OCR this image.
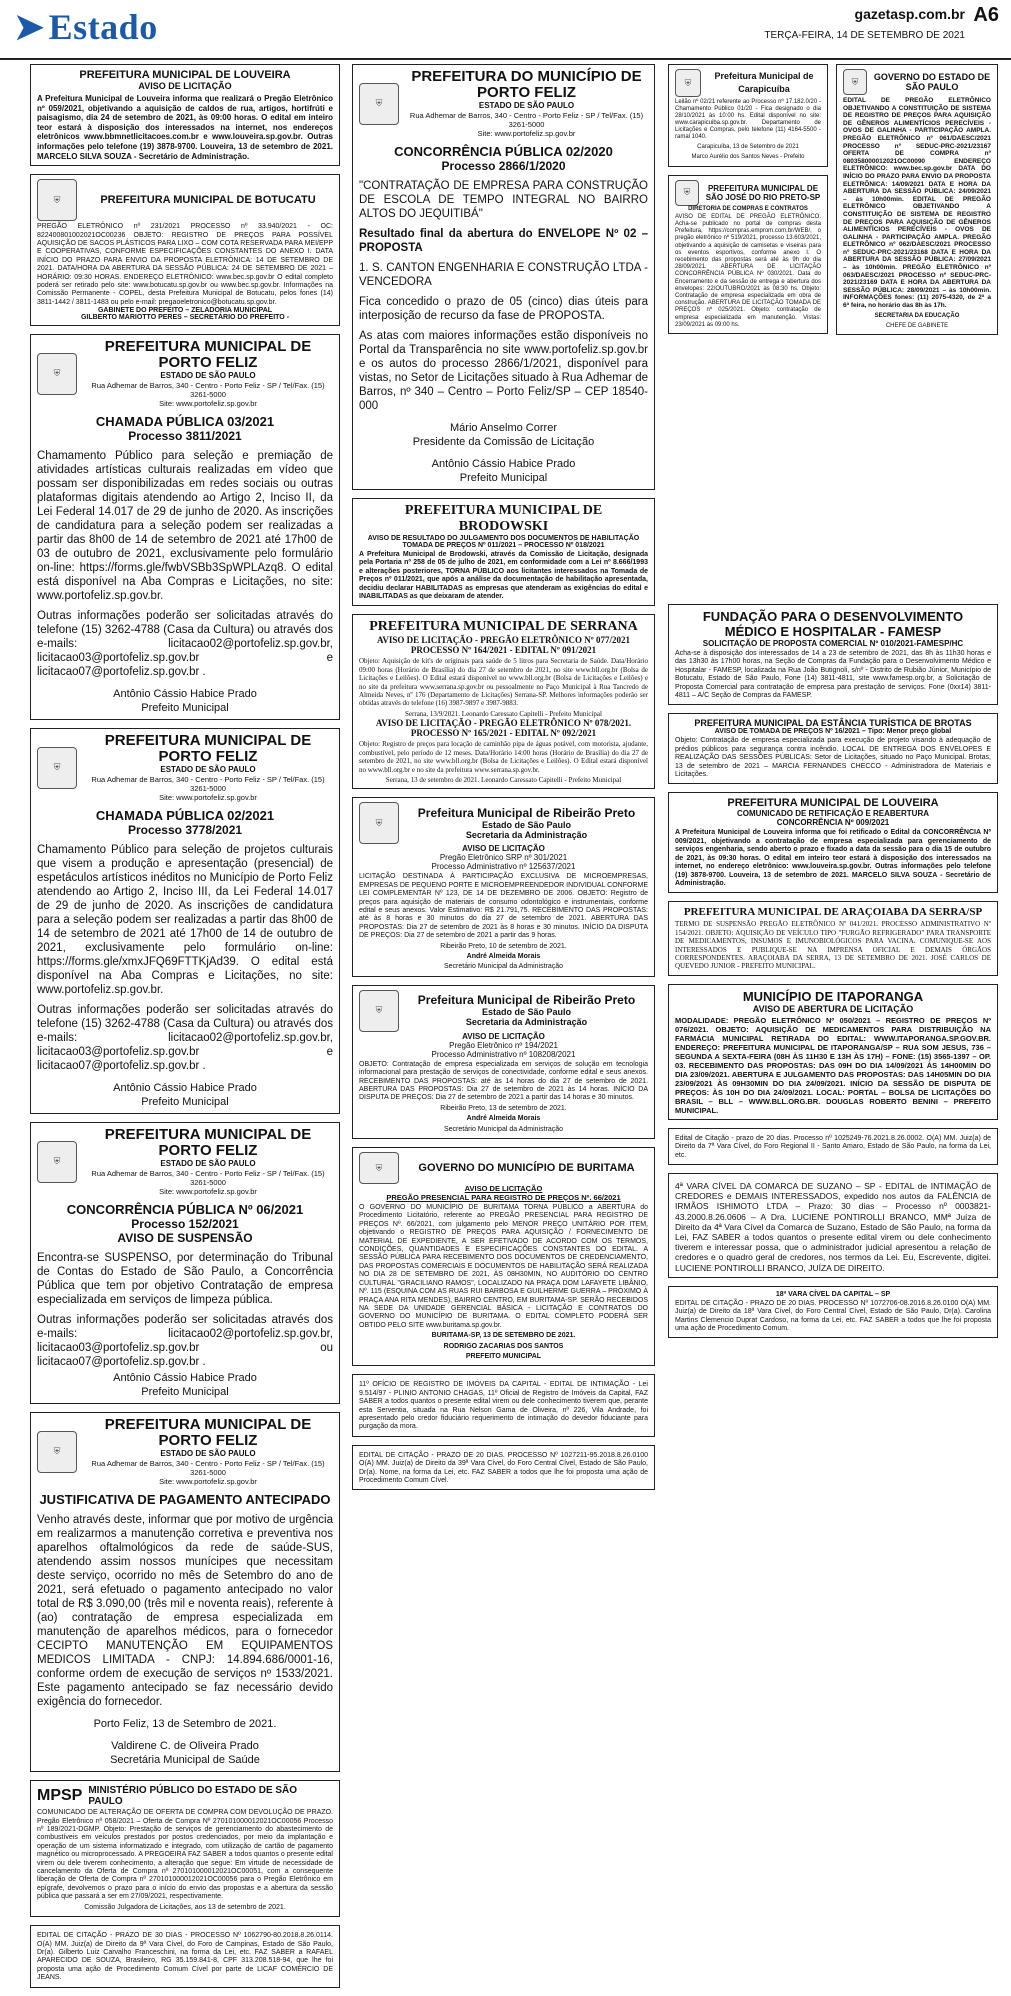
➤ Estado	gazetasp.com.br A6
TERÇA-FEIRA, 14 DE SETEMBRO DE 2021
PREFEITURA MUNICIPAL DE LOUVEIRA
AVISO DE LICITAÇÃO
A Prefeitura Municipal de Louveira informa que realizará o Pregão Eletrônico nº 059/2021, objetivando a aquisição de caldos de rua, artigos, hortifrúti e paisagismo, dia 24 de setembro de 2021, às 09:00 horas. O edital em inteiro teor estará à disposição dos interessados na internet, nos endereços eletrônicos www.bbmnetlicitacoes.com.br e www.louveira.sp.gov.br. Outras informações pelo telefone (19) 3878-9700. Louveira, 13 de setembro de 2021. MARCELO SILVA SOUZA - Secretário de Administração.
⛨	PREFEITURA MUNICIPAL DE BOTUCATU
PREGÃO ELETRÔNICO nº 231/2021 PROCESSO nº 33.940/2021 - OC: 822400801002021OC00236 OBJETO: REGISTRO DE PREÇOS PARA POSSÍVEL AQUISIÇÃO DE SACOS PLÁSTICOS PARA LIXO – COM COTA RESERVADA PARA MEI/EPP E COOPERATIVAS, CONFORME ESPECIFICAÇÕES CONSTANTES DO ANEXO I. DATA INÍCIO DO PRAZO PARA ENVIO DA PROPOSTA ELETRÔNICA: 14 DE SETEMBRO DE 2021. DATA/HORA DA ABERTURA DA SESSÃO PÚBLICA: 24 DE SETEMBRO DE 2021 – HORÁRIO: 09:30 HORAS. ENDEREÇO ELETRÔNICO: www.bec.sp.gov.br O edital completo poderá ser retirado pelo site: www.botucatu.sp.gov.br ou www.bec.sp.gov.br. Informações na Comissão Permanente - COPEL, desta Prefeitura Municipal de Botucatu, pelos fones (14) 3811-1442 / 3811-1483 ou pelo e-mail: pregaoeletronico@botucatu.sp.gov.br.
GABINETE DO PREFEITO – ZELADORIA MUNICIPAL
GILBERTO MARIOTTO PERES – SECRETÁRIO DO PREFEITO -
⛨
PREFEITURA MUNICIPAL DE PORTO FELIZ
ESTADO DE SÃO PAULO
Rua Adhemar de Barros, 340 - Centro - Porto Feliz - SP / Tel/Fax. (15) 3261-5000
Site: www.portofeliz.sp.gov.br
CHAMADA PÚBLICA 03/2021
Processo 3811/2021
Chamamento Público para seleção e premiação de atividades artísticas culturais realizadas em vídeo que possam ser disponibilizadas em redes sociais ou outras plataformas digitais atendendo ao Artigo 2, Inciso II, da Lei Federal 14.017 de 29 de junho de 2020. As inscrições de candidatura para a seleção podem ser realizadas a partir das 8h00 de 14 de setembro de 2021 até 17h00 de 03 de outubro de 2021, exclusivamente pelo formulário on-line: https://forms.gle/fwbVSBb3SpWPLAzq8. O edital está disponível na Aba Compras e Licitações, no site: www.portofeliz.sp.gov.br.
Outras informações poderão ser solicitadas através do telefone (15) 3262-4788 (Casa da Cultura) ou através dos e-mails: licitacao02@portofeliz.sp.gov.br, licitacao03@portofeliz.sp.gov.br e licitacao07@portofeliz.sp.gov.br .
Antônio Cássio Habice Prado
Prefeito Municipal
⛨
PREFEITURA MUNICIPAL DE PORTO FELIZ
ESTADO DE SÃO PAULO
Rua Adhemar de Barros, 340 - Centro - Porto Feliz - SP / Tel/Fax. (15) 3261-5000
Site: www.portofeliz.sp.gov.br
CHAMADA PÚBLICA 02/2021
Processo 3778/2021
Chamamento Público para seleção de projetos culturais que visem a produção e apresentação (presencial) de espetáculos artísticos inéditos no Município de Porto Feliz atendendo ao Artigo 2, Inciso III, da Lei Federal 14.017 de 29 de junho de 2020. As inscrições de candidatura para a seleção podem ser realizadas a partir das 8h00 de 14 de setembro de 2021 até 17h00 de 14 de outubro de 2021, exclusivamente pelo formulário on-line: https://forms.gle/xmxJFQ69FTTKjAd39. O edital está disponível na Aba Compras e Licitações, no site: www.portofeliz.sp.gov.br.
Outras informações poderão ser solicitadas através do telefone (15) 3262-4788 (Casa da Cultura) ou através dos e-mails: licitacao02@portofeliz.sp.gov.br, licitacao03@portofeliz.sp.gov.br e licitacao07@portofeliz.sp.gov.br .
Antônio Cássio Habice Prado
Prefeito Municipal
⛨
PREFEITURA MUNICIPAL DE PORTO FELIZ
ESTADO DE SÃO PAULO
Rua Adhemar de Barros, 340 - Centro - Porto Feliz - SP / Tel/Fax. (15) 3261-5000
Site: www.portofeliz.sp.gov.br
CONCORRÊNCIA PÚBLICA Nº 06/2021
Processo 152/2021
AVISO DE SUSPENSÃO
Encontra-se SUSPENSO, por determinação do Tribunal de Contas do Estado de São Paulo, a Concorrência Pública que tem por objetivo Contratação de empresa especializada em serviços de limpeza pública.
Outras informações poderão ser solicitadas através dos e-mails: licitacao02@portofeliz.sp.gov.br, licitacao03@portofeliz.sp.gov.br ou licitacao07@portofeliz.sp.gov.br .
Antônio Cássio Habice Prado
Prefeito Municipal
⛨
PREFEITURA MUNICIPAL DE PORTO FELIZ
ESTADO DE SÃO PAULO
Rua Adhemar de Barros, 340 - Centro - Porto Feliz - SP / Tel/Fax. (15) 3261-5000
Site: www.portofeliz.sp.gov.br
JUSTIFICATIVA DE PAGAMENTO ANTECIPADO
Venho através deste, informar que por motivo de urgência em realizarmos a manutenção corretiva e preventiva nos aparelhos oftalmológicos da rede de saúde-SUS, atendendo assim nossos munícipes que necessitam deste serviço, ocorrido no mês de Setembro do ano de 2021, será efetuado o pagamento antecipado no valor total de R$ 3.090,00 (três mil e noventa reais), referente à (ao) contratação de empresa especializada em manutenção de aparelhos médicos, para o fornecedor CECIPTO MANUTENÇÃO EM EQUIPAMENTOS MEDICOS LIMITADA - CNPJ: 14.894.686/0001-16, conforme ordem de execução de serviços nº 1533/2021. Este pagamento antecipado se faz necessário devido exigência do fornecedor.
Porto Feliz, 13 de Setembro de 2021.
Valdirene C. de Oliveira Prado
Secretária Municipal de Saúde
MPSP MINISTÉRIO PÚBLICO DO ESTADO DE SÃO PAULO
COMUNICADO DE ALTERAÇÃO DE OFERTA DE COMPRA COM DEVOLUÇÃO DE PRAZO. Pregão Eletrônico nº 058/2021 – Oferta de Compra Nº 270101000012021OC00056 Processo nº 189/2021-DGMP. Objeto: Prestação de serviços de gerenciamento do abastecimento de combustíveis em veículos prestados por postos credenciados, por meio da implantação e operação de um sistema informatizado e integrado, com utilização de cartão de pagamento magnético ou microprocessado. A PREGOEIRA FAZ SABER a todos quantos o presente edital virem ou dele tiverem conhecimento, a alteração que segue: Em virtude de necessidade de cancelamento da Oferta de Compra nº 270101000012021OC00051, com a consequente liberação de Oferta de Compra nº 270101000012021OC00056 para o Pregão Eletrônico em epígrafe, devolvemos o prazo para o início do envio das propostas e a abertura da sessão pública que passará a ser em 27/09/2021, respectivamente.
Comissão Julgadora de Licitações, aos 13 de setembro de 2021.
EDITAL DE CITAÇÃO - PRAZO DE 30 DIAS - PROCESSO Nº 1062790-80.2018.8.26.0114. O(A) MM. Juiz(a) de Direito da 9ª Vara Cível, do Foro de Campinas, Estado de São Paulo, Dr(a). Gilberto Luiz Carvalho Franceschini, na forma da Lei, etc. FAZ SABER a RAFAEL APARECIDO DE SOUZA, Brasileiro, RG 35.159.841-8, CPF 313.208.518-94, que lhe foi proposta uma ação de Procedimento Comum Cível por parte de LICAF COMÉRCIO DE JEANS.
⛨
PREFEITURA DO MUNICÍPIO DE PORTO FELIZ
ESTADO DE SÃO PAULO
Rua Adhemar de Barros, 340 - Centro - Porto Feliz - SP / Tel/Fax. (15) 3261-5000
Site: www.portofeliz.sp.gov.br
CONCORRÊNCIA PÚBLICA 02/2020
Processo 2866/1/2020
"CONTRATAÇÃO DE EMPRESA PARA CONSTRUÇÃO DE ESCOLA DE TEMPO INTEGRAL NO BAIRRO ALTOS DO JEQUITIBÁ"
Resultado final da abertura do ENVELOPE Nº 02 – PROPOSTA
1. S. CANTON ENGENHARIA E CONSTRUÇÃO LTDA - VENCEDORA
Fica concedido o prazo de 05 (cinco) dias úteis para interposição de recurso da fase de PROPOSTA.
As atas com maiores informações estão disponíveis no Portal da Transparência no site www.portofeliz.sp.gov.br e os autos do processo 2866/1/2021, disponível para vistas, no Setor de Licitações situado à Rua Adhemar de Barros, nº 340 – Centro – Porto Feliz/SP – CEP 18540-000
Mário Anselmo Correr
Presidente da Comissão de Licitação
Antônio Cássio Habice Prado
Prefeito Municipal
PREFEITURA MUNICIPAL DE BRODOWSKI
AVISO DE RESULTADO DO JULGAMENTO DOS DOCUMENTOS DE HABILITAÇÃO
TOMADA DE PREÇOS Nº 011/2021 – PROCESSO Nº 018/2021
A Prefeitura Municipal de Brodowski, através da Comissão de Licitação, designada pela Portaria nº 258 de 05 de julho de 2021, em conformidade com a Lei nº 8.666/1993 e alterações posteriores, TORNA PÚBLICO aos licitantes interessados na Tomada de Preços nº 011/2021, que após a análise da documentação de habilitação apresentada, decidiu declarar HABILITADAS as empresas que atenderam as exigências do edital e INABILITADAS as que deixaram de atender.
PREFEITURA MUNICIPAL DE SERRANA
AVISO DE LICITAÇÃO - PREGÃO ELETRÔNICO Nº 077/2021
PROCESSO Nº 164/2021 - EDITAL Nº 091/2021
Objeto: Aquisição de kit's de originais para saúde de 5 litros para Secretaria de Saúde. Data/Horário 09:00 horas (Horário de Brasília) do dia 27 de setembro de 2021, no site www.bll.org.br (Bolsa de Licitações e Leilões). O Edital estará disponível no www.bll.org.br (Bolsa de Licitações e Leilões) e no site da prefeitura www.serrana.sp.gov.br ou pessoalmente no Paço Municipal à Rua Tancredo de Almeida Neves, nº 176 (Departamento de Licitações) Serrana-SP. Melhores informações poderão ser obtidas através do telefone (16) 3987-9897 e 3987-9883.
Serrana, 13/9/2021. Leonardo Caressato Capitelli - Prefeito Municipal
AVISO DE LICITAÇÃO - PREGÃO ELETRÔNICO Nº 078/2021.
PROCESSO Nº 165/2021 - EDITAL Nº 092/2021
Objeto: Registro de preços para locação de caminhão pipa de águas potável, com motorista, ajudante, combustível, pelo período de 12 meses. Data/Horário 14:00 horas (Horário de Brasília) do dia 27 de setembro de 2021, no site www.bll.org.br (Bolsa de Licitações e Leilões). O Edital estará disponível no www.bll.org.br e no site da prefeitura www.serrana.sp.gov.br.
Serrana, 13 de setembro de 2021. Leonardo Caressato Capitelli - Prefeito Municipal
⛨
Prefeitura Municipal de Ribeirão Preto
Estado de São Paulo
Secretaria da Administração
AVISO DE LICITAÇÃO
Pregão Eletrônico SRP nº 301/2021
Processo Administrativo nº 125637/2021
LICITAÇÃO DESTINADA À PARTICIPAÇÃO EXCLUSIVA DE MICROEMPRESAS, EMPRESAS DE PEQUENO PORTE E MICROEMPREENDEDOR INDIVIDUAL CONFORME LEI COMPLEMENTAR Nº 123, DE 14 DE DEZEMBRO DE 2006. OBJETO: Registro de preços para aquisição de materiais de consumo odontológico e instrumentais, conforme edital e seus anexos. Valor Estimativo: R$ 21.791,75. RECEBIMENTO DAS PROPOSTAS: até às 8 horas e 30 minutos do dia 27 de setembro de 2021. ABERTURA DAS PROPOSTAS: Dia 27 de setembro de 2021 às 8 horas e 30 minutos. INÍCIO DA DISPUTA DE PREÇOS: Dia 27 de setembro de 2021 a partir das 9 horas.
Ribeirão Preto, 10 de setembro de 2021.
André Almeida Morais
Secretário Municipal da Administração
⛨
Prefeitura Municipal de Ribeirão Preto
Estado de São Paulo
Secretaria da Administração
AVISO DE LICITAÇÃO
Pregão Eletrônico nº 194/2021
Processo Administrativo nº 108208/2021
OBJETO: Contratação de empresa especializada em serviços de solução em tecnologia informacional para prestação de serviços de conectividade, conforme edital e seus anexos. RECEBIMENTO DAS PROPOSTAS: até às 14 horas do dia 27 de setembro de 2021. ABERTURA DAS PROPOSTAS: Dia 27 de setembro de 2021 às 14 horas. INÍCIO DA DISPUTA DE PREÇOS: Dia 27 de setembro de 2021 a partir das 14 horas e 30 minutos.
Ribeirão Preto, 13 de setembro de 2021.
André Almeida Morais
Secretário Municipal da Administração
⛨	GOVERNO DO MUNICÍPIO DE BURITAMA
AVISO DE LICITAÇÃO
PREGÃO PRESENCIAL PARA REGISTRO DE PREÇOS Nº. 66/2021
O GOVERNO DO MUNICÍPIO DE BURITAMA TORNA PÚBLICO a ABERTURA do Procedimento Licitatório, referente ao PREGÃO PRESENCIAL PARA REGISTRO DE PREÇOS Nº. 66/2021, com julgamento pelo MENOR PREÇO UNITÁRIO POR ITEM, objetivando o REGISTRO DE PREÇOS PARA AQUISIÇÃO / FORNECIMENTO DE MATERIAL DE EXPEDIENTE, A SER EFETIVADO DE ACORDO COM OS TERMOS, CONDIÇÕES, QUANTIDADES E ESPECIFICAÇÕES CONSTANTES DO EDITAL. A SESSÃO PÚBLICA PARA RECEBIMENTO DOS DOCUMENTOS DE CREDENCIAMENTO, DAS PROPOSTAS COMERCIAIS E DOCUMENTOS DE HABILITAÇÃO SERÁ REALIZADA NO DIA 28 DE SETEMBRO DE 2021, ÀS 08H30MIN, NO AUDITÓRIO DO CENTRO CULTURAL "GRACILIANO RAMOS", LOCALIZADO NA PRAÇA DOM LAFAYETE LIBÂNIO, Nº. 115 (ESQUINA COM AS RUAS RUI BARBOSA E GUILHERME GUERRA – PRÓXIMO À PRAÇA ANA RITA MENDES), BAIRRO CENTRO, EM BURITAMA-SP. SERÃO RECEBIDOS NA SEDE DA UNIDADE GERENCIAL BÁSICA - LICITAÇÃO E CONTRATOS DO GOVERNO DO MUNICÍPIO DE BURITAMA. O EDITAL COMPLETO PODERÁ SER OBTIDO PELO SITE www.buritama.sp.gov.br.
BURITAMA-SP, 13 DE SETEMBRO DE 2021.
RODRIGO ZACARIAS DOS SANTOS
PREFEITO MUNICIPAL
11º OFÍCIO DE REGISTRO DE IMÓVEIS DA CAPITAL - EDITAL DE INTIMAÇÃO - Lei 9.514/97 - PLINIO ANTONIO CHAGAS, 11º Oficial de Registro de Imóveis da Capital, FAZ SABER a todos quantos o presente edital virem ou dele conhecimento tiverem que, perante esta Serventia, situada na Rua Nelson Gama de Oliveira, nº 226, Vila Andrade, foi apresentado pelo credor fiduciário requerimento de intimação do devedor fiduciante para purgação da mora.
EDITAL DE CITAÇÃO - PRAZO DE 20 DIAS. PROCESSO Nº 1027211-95.2018.8.26.0100 O(A) MM. Juiz(a) de Direito da 39ª Vara Cível, do Foro Central Cível, Estado de São Paulo, Dr(a). Nome, na forma da Lei, etc. FAZ SABER a todos que lhe foi proposta uma ação de Procedimento Comum Cível.
⛨
Prefeitura Municipal de Carapicuíba
Leilão nº 02/21 referente ao Processo nº 17.182.0/20 - Chamamento Público 01/20 - Fica designado o dia 28/10/2021 às 10:00 hs. Edital disponível no site: www.carapicuiba.sp.gov.br. Departamento de Licitações e Compras, pelo telefone (11) 4164-5500 - ramal 1040.
Carapicuíba, 13 de Setembro de 2021
Marco Aurélio dos Santos Neves - Prefeito
⛨	PREFEITURA MUNICIPAL DE SÃO JOSÉ DO RIO PRETO-SP
DIRETORIA DE COMPRAS E CONTRATOS
AVISO DE EDITAL DE PREGÃO ELETRÔNICO. Acha-se publicado no portal de compras desta Prefeitura, https://compras.emprom.com.br/WEB/, o pregão eletrônico nº 519/2021, processo 13.603/2021, objetivando a aquisição de camisetas e viseiras para os eventos esportivos, conforme anexo I. O recebimento das propostas será até às 9h do dia 28/09/2021. ABERTURA DE LICITAÇÃO CONCORRÊNCIA PÚBLICA Nº 030/2021. Data do Encerramento e da sessão de entrega e abertura dos envelopes: 22/OUTUBRO/2021 às 08:30 hs. Objeto: Contratação de empresa especializada em obra de construção. ABERTURA DE LICITAÇÃO TOMADA DE PREÇOS nº 025/2021. Objeto: contratação de empresa especializada em manutenção. Vistas: 23/09/2021 às 09:00 hs.
⛨	GOVERNO DO ESTADO DE SÃO PAULO
EDITAL DE PREGÃO ELETRÔNICO OBJETIVANDO A CONSTITUIÇÃO DE SISTEMA DE REGISTRO DE PREÇOS PARA AQUISIÇÃO DE GÊNEROS ALIMENTÍCIOS PERECÍVEIS - OVOS DE GALINHA - PARTICIPAÇÃO AMPLA. PREGÃO ELETRÔNICO nº 061/DAESC/2021 PROCESSO nº SEDUC-PRC-2021/23167 OFERTA DE COMPRA nº 080358000012021OC00090 ENDEREÇO ELETRÔNICO: www.bec.sp.gov.br DATA DO INÍCIO DO PRAZO PARA ENVIO DA PROPOSTA ELETRÔNICA: 14/09/2021 DATA E HORA DA ABERTURA DA SESSÃO PÚBLICA: 24/09/2021 – às 10h00min. EDITAL DE PREGÃO ELETRÔNICO OBJETIVANDO A CONSTITUIÇÃO DE SISTEMA DE REGISTRO DE PREÇOS PARA AQUISIÇÃO DE GÊNEROS ALIMENTÍCIOS PERECÍVEIS - OVOS DE GALINHA - PARTICIPAÇÃO AMPLA. PREGÃO ELETRÔNICO nº 062/DAESC/2021 PROCESSO nº SEDUC-PRC-2021/23168 DATA E HORA DA ABERTURA DA SESSÃO PÚBLICA: 27/09/2021 – às 10h00min. PREGÃO ELETRÔNICO nº 063/DAESC/2021 PROCESSO nº SEDUC-PRC-2021/23169 DATA E HORA DA ABERTURA DA SESSÃO PÚBLICA: 28/09/2021 – às 10h00min. INFORMAÇÕES fones: (11) 2075-4320, de 2ª a 6ª feira, no horário das 8h às 17h.
SECRETARIA DA EDUCAÇÃO
CHEFE DE GABINETE
FUNDAÇÃO PARA O DESENVOLVIMENTO
MÉDICO E HOSPITALAR - FAMESP
SOLICITAÇÃO DE PROPOSTA COMERCIAL Nº 010/2021-FAMESP/HC
Acha-se à disposição dos interessados de 14 a 23 de setembro de 2021, das 8h às 11h30 horas e das 13h30 às 17h00 horas, na Seção de Compras da Fundação para o Desenvolvimento Médico e Hospitalar - FAMESP, localizada na Rua João Butignoli, s/nº - Distrito de Rubião Júnior, Município de Botucatu, Estado de São Paulo, Fone (14) 3811-4811, site www.famesp.org.br, a Solicitação de Proposta Comercial para contratação de empresa para prestação de serviços. Fone (0xx14) 3811-4811 – A/C Seção de Compras da FAMESP.
PREFEITURA MUNICIPAL DA ESTÂNCIA TURÍSTICA DE BROTAS
AVISO DE TOMADA DE PREÇOS Nº 16/2021 – Tipo: Menor preço global
Objeto: Contratação de empresa especializada para execução de projeto visando à adequação de prédios públicos para segurança contra incêndio. LOCAL DE ENTREGA DOS ENVELOPES E REALIZAÇÃO DAS SESSÕES PÚBLICAS: Setor de Licitações, situado no Paço Municipal. Brotas, 13 de setembro de 2021 – MARCIA FERNANDES CHECCO - Administradora de Materiais e Licitações.
PREFEITURA MUNICIPAL DE LOUVEIRA
COMUNICADO DE RETIFICAÇÃO E REABERTURA
CONCORRÊNCIA Nº 009/2021
A Prefeitura Municipal de Louveira informa que foi retificado o Edital da CONCORRÊNCIA Nº 009/2021, objetivando a contratação de empresa especializada para gerenciamento de serviços engenharia, sendo aberto o prazo e fixado a data da sessão para o dia 15 de outubro de 2021, às 09:30 horas. O edital em inteiro teor estará à disposição dos interessados na internet, no endereço eletrônico: www.louveira.sp.gov.br. Outras informações pelo telefone (19) 3878-9700. Louveira, 13 de setembro de 2021. MARCELO SILVA SOUZA - Secretário de Administração.
PREFEITURA MUNICIPAL DE ARAÇOIABA DA SERRA/SP
TERMO DE SUSPENSÃO PREGÃO ELETRÔNICO Nº 041/2021. PROCESSO ADMINISTRATIVO Nº 154/2021. OBJETO: AQUISIÇÃO DE VEÍCULO TIPO "FURGÃO REFRIGERADO" PARA TRANSPORTE DE MEDICAMENTOS, INSUMOS E IMUNOBIOLÓGICOS PARA VACINA. COMUNIQUE-SE AOS INTERESSADOS E PUBLIQUE-SE NA IMPRENSA OFICIAL E DEMAIS ÓRGÃOS CORRESPONDENTES. ARAÇOIABA DA SERRA, 13 DE SETEMBRO DE 2021. JOSÉ CARLOS DE QUEVEDO JUNIOR - PREFEITO MUNICIPAL.
MUNICÍPIO DE ITAPORANGA
AVISO DE ABERTURA DE LICITAÇÃO
MODALIDADE: PREGÃO ELETRÔNICO Nº 050/2021 – REGISTRO DE PREÇOS Nº 076/2021. OBJETO: AQUISIÇÃO DE MEDICAMENTOS PARA DISTRIBUIÇÃO NA FARMÁCIA MUNICIPAL RETIRADA DO EDITAL: WWW.ITAPORANGA.SP.GOV.BR. ENDEREÇO: PREFEITURA MUNICIPAL DE ITAPORANGA/SP – RUA SOM JESUS, 736 – SEGUNDA A SEXTA-FEIRA (08H ÀS 11H30 E 13H ÀS 17H) – FONE: (15) 3565-1397 – OP. 03. RECEBIMENTO DAS PROPOSTAS: DAS 09H DO DIA 14/09/2021 ÀS 14H00MIN DO DIA 23/09/2021. ABERTURA E JULGAMENTO DAS PROPOSTAS: DAS 14H05MIN DO DIA 23/09/2021 ÀS 09H30MIN DO DIA 24/09/2021. INÍCIO DA SESSÃO DE DISPUTA DE PREÇOS: ÀS 10H DO DIA 24/09/2021. LOCAL: PORTAL – BOLSA DE LICITAÇÕES DO BRASIL – BLL – WWW.BLL.ORG.BR. DOUGLAS ROBERTO BENINI – PREFEITO MUNICIPAL.
Edital de Citação - prazo de 20 dias. Processo nº 1025249-76.2021.8.26.0002. O(A) MM. Juiz(a) de Direito da 7ª Vara Cível, do Foro Regional II - Santo Amaro, Estado de São Paulo, na forma da Lei, etc.
4ª VARA CÍVEL DA COMARCA DE SUZANO – SP - EDITAL de INTIMAÇÃO de CREDORES e DEMAIS INTERESSADOS, expedido nos autos da FALÊNCIA de IRMÃOS ISHIMOTO LTDA – Prazo: 30 dias – Processo nº 0003821-43.2000.8.26.0606 – A Dra. LUCIENE PONTIROLLI BRANCO, MMª Juíza de Direito da 4ª Vara Cível da Comarca de Suzano, Estado de São Paulo, na forma da Lei, FAZ SABER a todos quantos o presente edital virem ou dele conhecimento tiverem e interessar possa, que o administrador judicial apresentou a relação de credores e o quadro geral de credores, nos termos da Lei. Eu, Escrevente, digitei. LUCIENE PONTIROLLI BRANCO, JUÍZA DE DIREITO.
18ª VARA CÍVEL DA CAPITAL – SP
EDITAL DE CITAÇÃO - PRAZO DE 20 DIAS. PROCESSO Nº 1072706-08.2016.8.26.0100 O(A) MM. Juiz(a) de Direito da 18ª Vara Cível, do Foro Central Cível, Estado de São Paulo, Dr(a). Carolina Martins Clemencio Duprat Cardoso, na forma da Lei, etc. FAZ SABER a todos que lhe foi proposta uma ação de Procedimento Comum.
